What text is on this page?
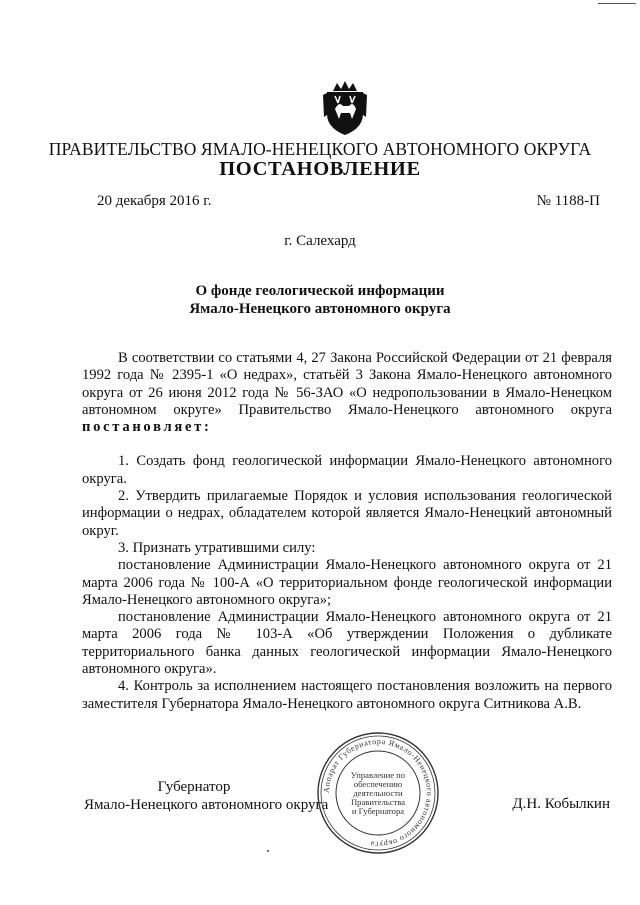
ПРАВИТЕЛЬСТВО ЯМАЛО-НЕНЕЦКОГО АВТОНОМНОГО ОКРУГА
ПОСТАНОВЛЕНИЕ
20 декабря 2016 г.	№ 1188-П
г. Салехард
О фонде геологической информации
Ямало-Ненецкого автономного округа

В соответствии со статьями 4, 27 Закона Российской Федерации от 21 февраля 1992 года № 2395-1 «О недрах», статьёй 3 Закона Ямало-Ненецкого автономного округа от 26 июня 2012 года № 56-ЗАО «О недропользовании в Ямало-Ненецком автономном округе» Правительство Ямало-Ненецкого автономного округа постановляет:

1. Создать фонд геологической информации Ямало-Ненецкого автономного округа.

2. Утвердить прилагаемые Порядок и условия использования геологической информации о недрах, обладателем которой является Ямало-Ненецкий автономный округ.

3. Признать утратившими силу:

постановление Администрации Ямало-Ненецкого автономного округа от 21 марта 2006 года № 100-А «О территориальном фонде геологической информации Ямало-Ненецкого автономного округа»;

постановление Администрации Ямало-Ненецкого автономного округа от 21 марта 2006 года № 103-А «Об утверждении Положения о дубликате территориального банка данных геологической информации Ямало-Ненецкого автономного округа».

4. Контроль за исполнением настоящего постановления возложить на первого заместителя Губернатора Ямало-Ненецкого автономного округа Ситникова А.В.

Губернатор
Ямало-Ненецкого автономного округа	Д.Н. Кобылкин
Аппарат Губернатора Ямало-Ненецкого автономного округа
Управление по
обеспечению
деятельности
Правительства
и Губернатора
